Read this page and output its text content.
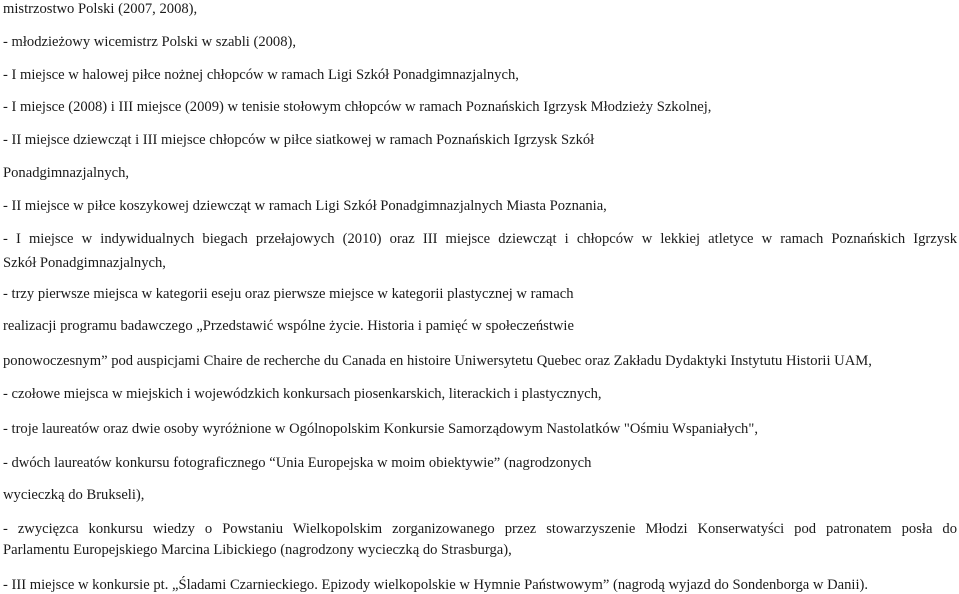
mistrzostwo Polski (2007, 2008),
- młodzieżowy wicemistrz Polski w szabli (2008),
- I miejsce w halowej piłce nożnej chłopców w ramach Ligi Szkół Ponadgimnazjalnych,
- I miejsce (2008) i III miejsce (2009) w tenisie stołowym chłopców w ramach Poznańskich Igrzysk Młodzieży Szkolnej,
- II miejsce dziewcząt i III miejsce chłopców w piłce siatkowej w ramach Poznańskich Igrzysk Szkół
Ponadgimnazjalnych,
- II miejsce w piłce koszykowej dziewcząt w ramach Ligi Szkół Ponadgimnazjalnych Miasta Poznania,
- I miejsce w indywidualnych biegach przełajowych (2010) oraz III miejsce dziewcząt i chłopców w lekkiej atletyce w ramach Poznańskich Igrzysk
Szkół Ponadgimnazjalnych,
- trzy pierwsze miejsca w kategorii eseju oraz pierwsze miejsce w kategorii plastycznej w ramach
realizacji programu badawczego „Przedstawić wspólne życie. Historia i pamięć w społeczeństwie
ponowoczesnym” pod auspicjami Chaire de recherche du Canada en histoire Uniwersytetu Quebec oraz Zakładu Dydaktyki Instytutu Historii UAM,
- czołowe miejsca w miejskich i wojewódzkich konkursach piosenkarskich, literackich i plastycznych,
- troje laureatów oraz dwie osoby wyróżnione w Ogólnopolskim Konkursie Samorządowym Nastolatków "Ośmiu Wspaniałych",
- dwóch laureatów konkursu fotograficznego “Unia Europejska w moim obiektywie” (nagrodzonych
wycieczką do Brukseli),
- zwycięzca konkursu wiedzy o Powstaniu Wielkopolskim zorganizowanego przez stowarzyszenie Młodzi Konserwatyści pod patronatem posła do
Parlamentu Europejskiego Marcina Libickiego (nagrodzony wycieczką do Strasburga),
- III miejsce w konkursie pt. „Śladami Czarnieckiego. Epizody wielkopolskie w Hymnie Państwowym” (nagrodą wyjazd do Sondenborga w Danii).
